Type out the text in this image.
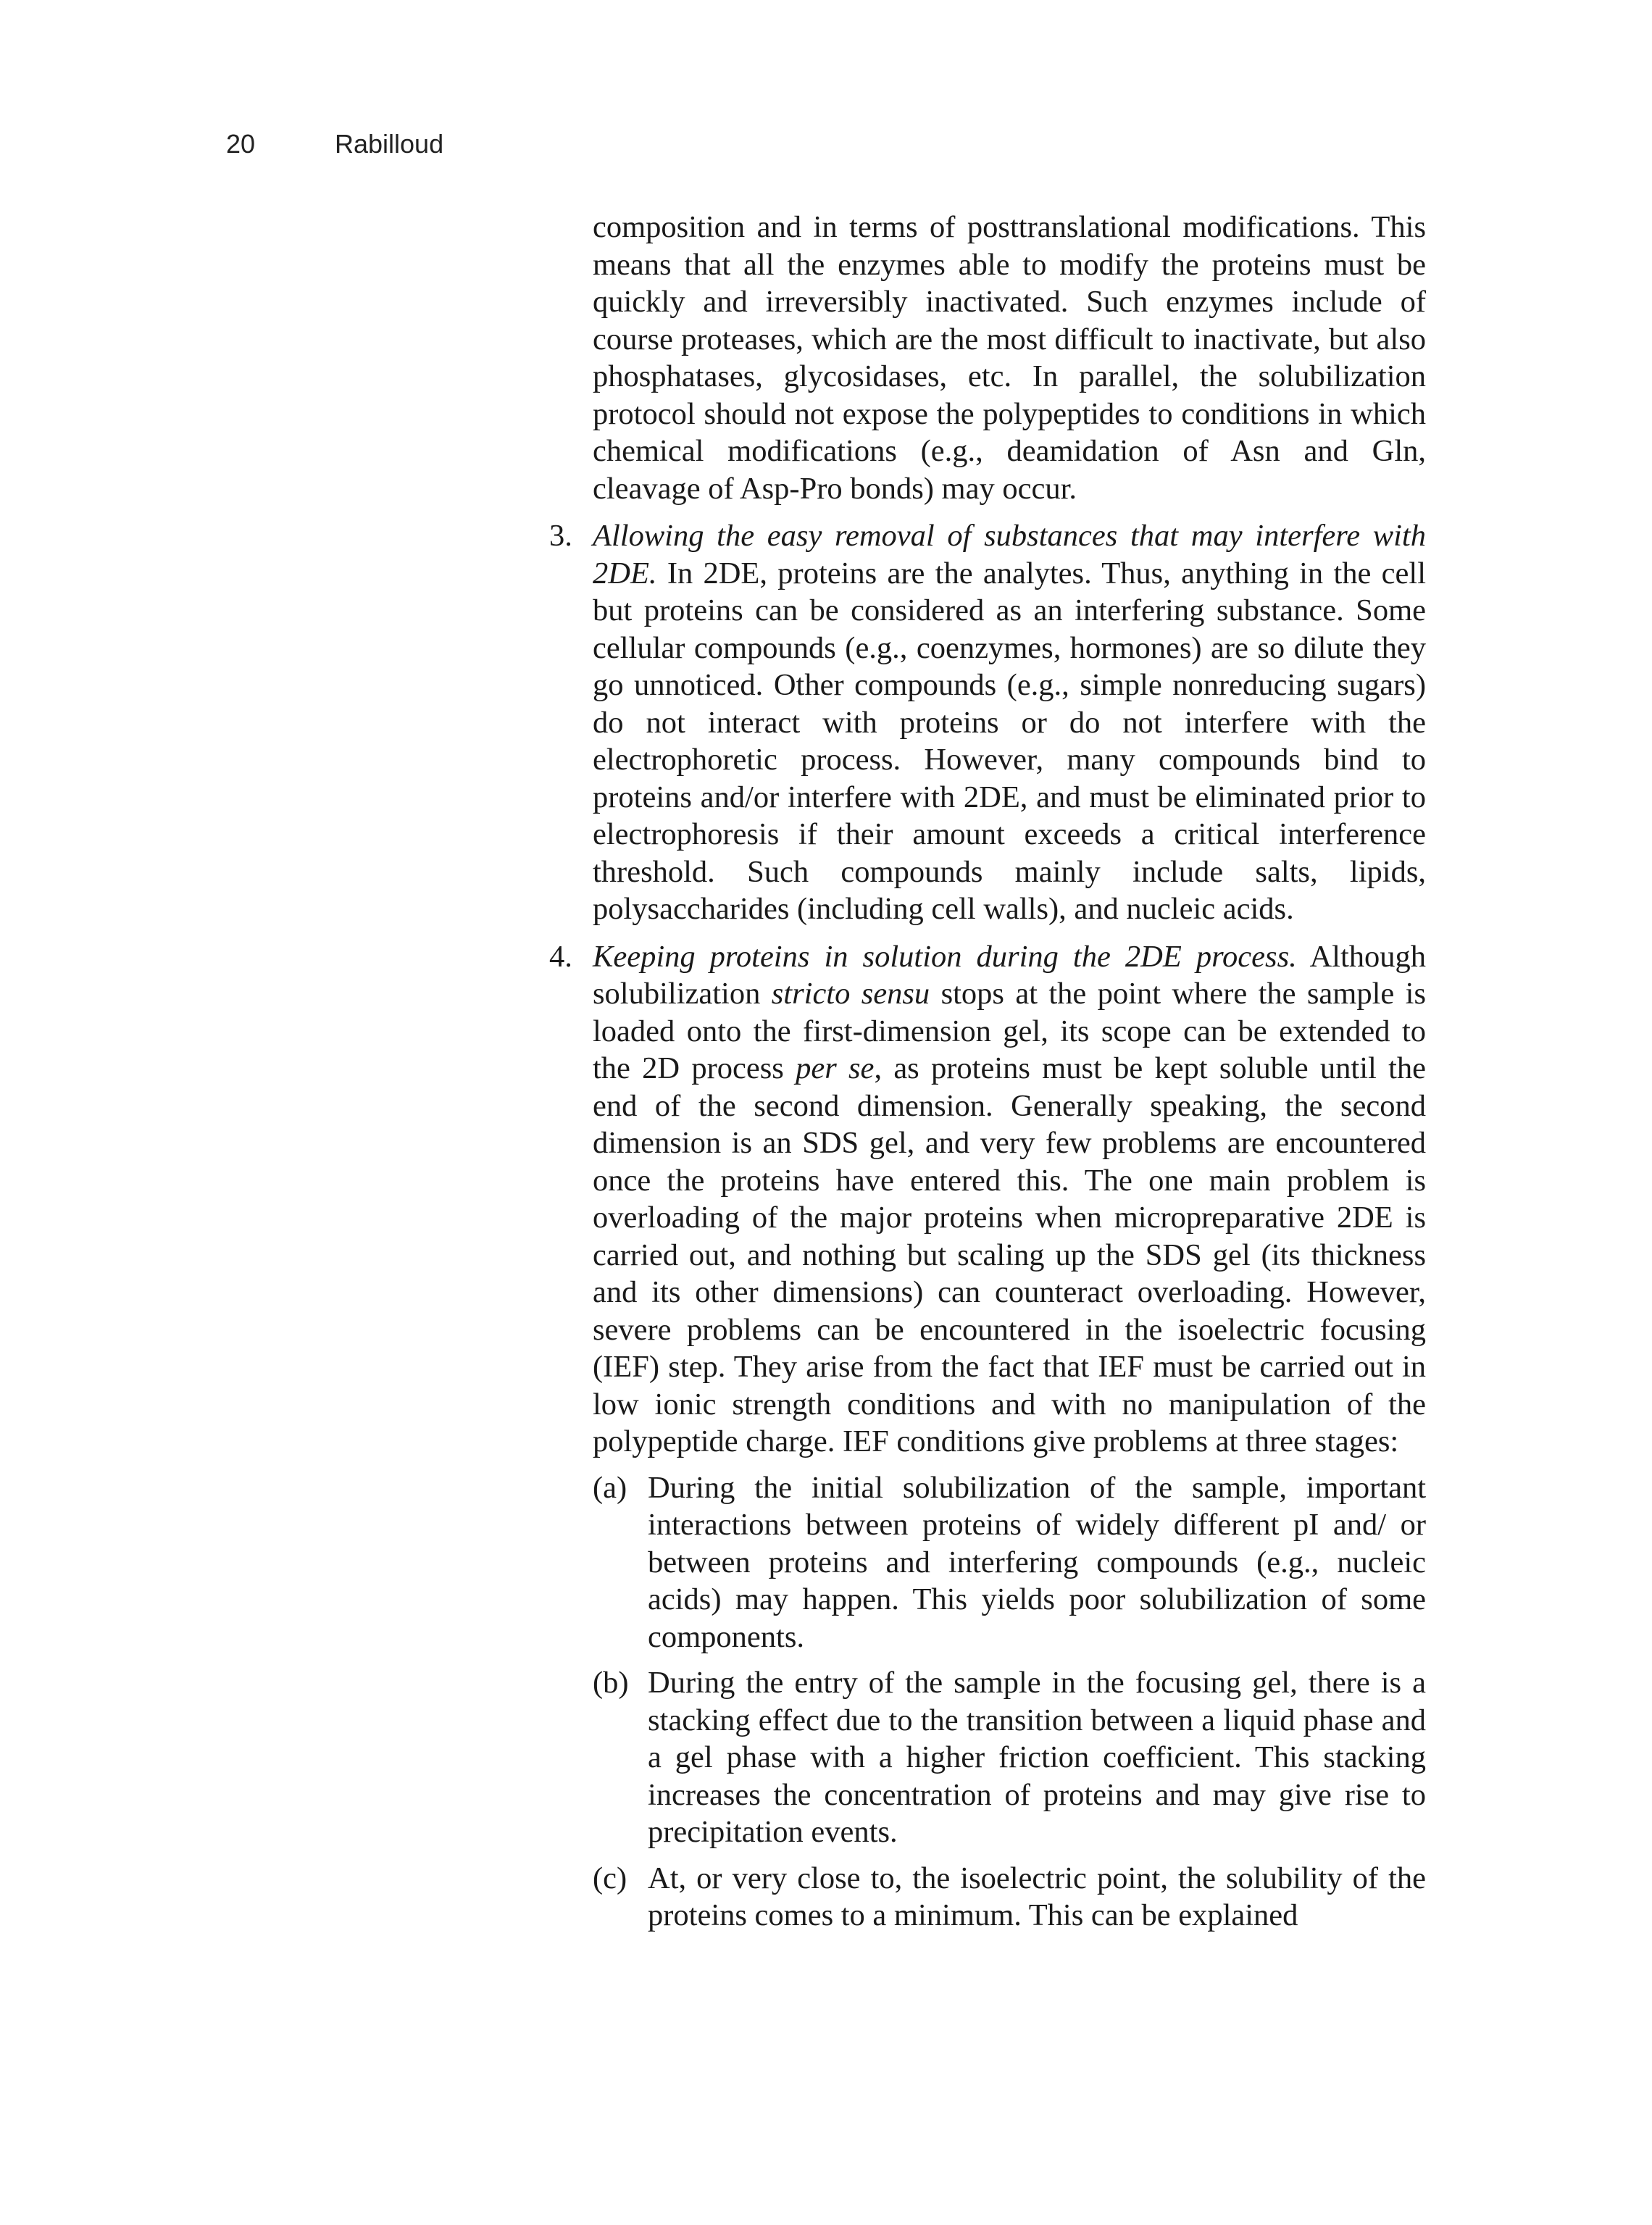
20	Rabilloud

composition and in terms of posttranslational modifications. This means that all the enzymes able to modify the proteins must be quickly and irreversibly inactivated. Such enzymes include of course proteases, which are the most difficult to inactivate, but also phosphatases, glycosidases, etc. In parallel, the solubilization protocol should not expose the polypeptides to conditions in which chemical modifications (e.g., deamidation of Asn and Gln, cleavage of Asp-Pro bonds) may occur.

3. Allowing the easy removal of substances that may interfere with 2DE. In 2DE, proteins are the analytes. Thus, anything in the cell but proteins can be considered as an interfering substance. Some cellular compounds (e.g., coenzymes, hormones) are so dilute they go unnoticed. Other compounds (e.g., simple nonreducing sugars) do not interact with proteins or do not interfere with the electrophoretic process. However, many compounds bind to proteins and/or interfere with 2DE, and must be eliminated prior to electrophoresis if their amount exceeds a critical interference threshold. Such compounds mainly include salts, lipids, polysaccharides (including cell walls), and nucleic acids.

4. Keeping proteins in solution during the 2DE process. Although solubilization stricto sensu stops at the point where the sample is loaded onto the first-dimension gel, its scope can be extended to the 2D process per se, as proteins must be kept soluble until the end of the second dimension. Generally speaking, the second dimension is an SDS gel, and very few problems are encountered once the proteins have entered this. The one main problem is overloading of the major proteins when micropreparative 2DE is carried out, and nothing but scaling up the SDS gel (its thickness and its other dimensions) can counteract overloading. However, severe problems can be encountered in the isoelectric focusing (IEF) step. They arise from the fact that IEF must be carried out in low ionic strength conditions and with no manipulation of the polypeptide charge. IEF conditions give problems at three stages:

(a) During the initial solubilization of the sample, important interactions between proteins of widely different pI and/ or between proteins and interfering compounds (e.g., nucleic acids) may happen. This yields poor solubilization of some components.

(b) During the entry of the sample in the focusing gel, there is a stacking effect due to the transition between a liquid phase and a gel phase with a higher friction coefficient. This stacking increases the concentration of proteins and may give rise to precipitation events.

(c) At, or very close to, the isoelectric point, the solubility of the proteins comes to a minimum. This can be explained
